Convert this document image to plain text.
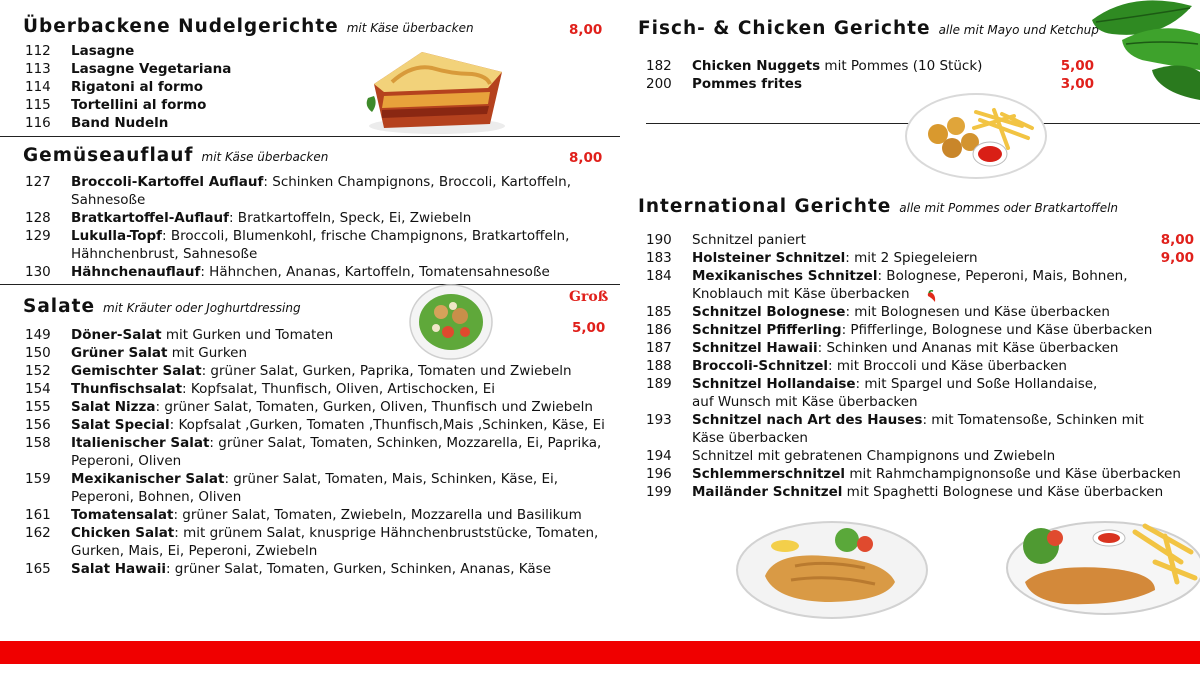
Überbackene Nudelgerichte mit Käse überbacken	8,00
112	Lasagne
113	Lasagne Vegetariana
114	Rigatoni al formo
115	Tortellini al formo
116	Band Nudeln
Gemüseauflauf mit Käse überbacken	8,00
127	Broccoli-Kartoffel Auflauf: Schinken Champignons, Broccoli, Kartoffeln,
Sahnesoße
128	Bratkartoffel-Auflauf: Bratkartoffeln, Speck, Ei, Zwiebeln
129	Lukulla-Topf: Broccoli, Blumenkohl, frische Champignons, Bratkartoffeln,
Hähnchenbrust, Sahnesoße
130	Hähnchenauflauf: Hähnchen, Ananas, Kartoffeln, Tomatensahnesoße
Salate mit Kräuter oder Joghurtdressing
Groß
5,00
149	Döner-Salat mit Gurken und Tomaten
150	Grüner Salat mit Gurken
152	Gemischter Salat: grüner Salat, Gurken, Paprika, Tomaten und Zwiebeln
154	Thunfischsalat: Kopfsalat, Thunfisch, Oliven, Artischocken, Ei
155	Salat Nizza: grüner Salat, Tomaten, Gurken, Oliven, Thunfisch und Zwiebeln
156	Salat Special: Kopfsalat ,Gurken, Tomaten ,Thunfisch,Mais ,Schinken, Käse, Ei
158	Italienischer Salat: grüner Salat, Tomaten, Schinken, Mozzarella, Ei, Paprika,
Peperoni, Oliven
159	Mexikanischer Salat: grüner Salat, Tomaten, Mais, Schinken, Käse, Ei,
Peperoni, Bohnen, Oliven
161	Tomatensalat: grüner Salat, Tomaten, Zwiebeln, Mozzarella und Basilikum
162	Chicken Salat: mit grünem Salat, knusprige Hähnchenbruststücke, Tomaten,
Gurken, Mais, Ei, Peperoni, Zwiebeln
165	Salat Hawaii: grüner Salat, Tomaten, Gurken, Schinken, Ananas, Käse
Fisch- & Chicken Gerichte alle mit Mayo und Ketchup
182	Chicken Nuggets mit Pommes (10 Stück)	5,00
200	Pommes frites	3,00
International Gerichte alle mit Pommes oder Bratkartoffeln
190	Schnitzel paniert	8,00
183	Holsteiner Schnitzel: mit 2 Spiegeleiern	9,00
184	Mexikanisches Schnitzel: Bolognese, Peperoni, Mais, Bohnen,
Knoblauch mit Käse überbacken
185	Schnitzel Bolognese: mit Bolognesen und Käse überbacken
186	Schnitzel Pfifferling: Pfifferlinge, Bolognese und Käse überbacken
187	Schnitzel Hawaii: Schinken und Ananas mit Käse überbacken
188	Broccoli-Schnitzel: mit Broccoli und Käse überbacken
189	Schnitzel Hollandaise: mit Spargel und Soße Hollandaise,
auf Wunsch mit Käse überbacken
193	Schnitzel nach Art des Hauses: mit Tomatensoße, Schinken mit
Käse überbacken
194	Schnitzel mit gebratenen Champignons und Zwiebeln
196	Schlemmerschnitzel mit Rahmchampignonsoße und Käse überbacken
199	Mailänder Schnitzel mit Spaghetti Bolognese und Käse überbacken
